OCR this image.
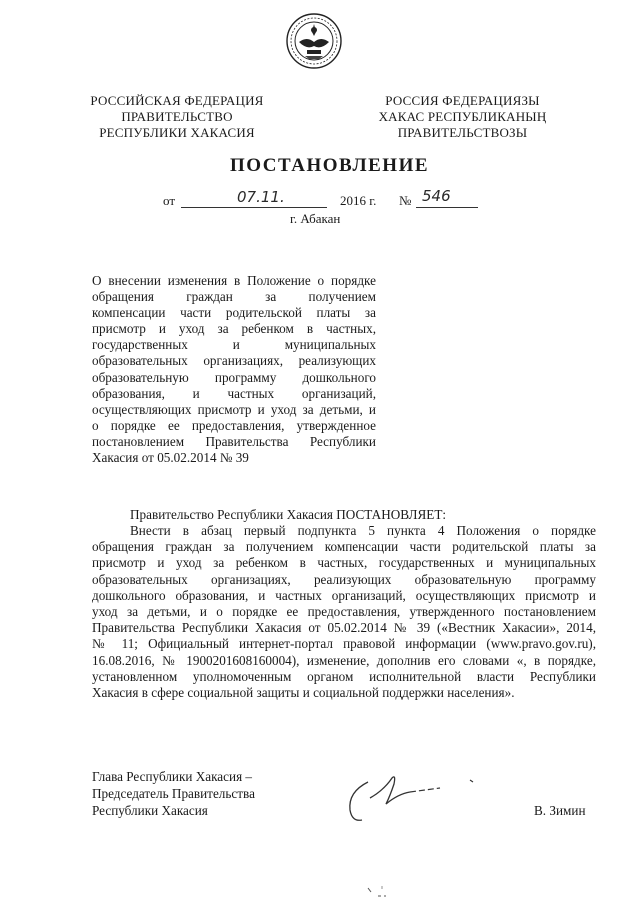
РОССИЙСКАЯ ФЕДЕРАЦИЯ
ПРАВИТЕЛЬСТВО
РЕСПУБЛИКИ ХАКАСИЯ
РОССИЯ ФЕДЕРАЦИЯЗЫ
ХАКАС РЕСПУБЛИКАНЫҢ
ПРАВИТЕЛЬСТВОЗЫ
ПОСТАНОВЛЕНИЕ
от	07.11.	2016 г. № 546
г. Абакан
О внесении изменения в Положение о порядке
обращения граждан за получением
компенсации части родительской платы за
присмотр и уход за ребенком в частных,
государственных и муниципальных
образовательных организациях, реализующих
образовательную программу дошкольного
образования, и частных организаций,
осуществляющих присмотр и уход за детьми, и
о порядке ее предоставления, утвержденное
постановлением Правительства Республики
Хакасия от 05.02.2014 № 39
Правительство Республики Хакасия ПОСТАНОВЛЯЕТ:
Внести в абзац первый подпункта 5 пункта 4 Положения о порядке
обращения граждан за получением компенсации части родительской платы за
присмотр и уход за ребенком в частных, государственных и муниципальных
образовательных организациях, реализующих образовательную программу
дошкольного образования, и частных организаций, осуществляющих присмотр и
уход за детьми, и о порядке ее предоставления, утвержденного постановлением
Правительства Республики Хакасия от 05.02.2014 № 39 («Вестник Хакасии», 2014,
№ 11; Официальный интернет-портал правовой информации (www.pravo.gov.ru),
16.08.2016, № 1900201608160004), изменение, дополнив его словами «, в порядке,
установленном уполномоченным органом исполнительной власти Республики
Хакасия в сфере социальной защиты и социальной поддержки населения».
Глава Республики Хакасия –
Председатель Правительства
Республики Хакасия	В. Зимин
